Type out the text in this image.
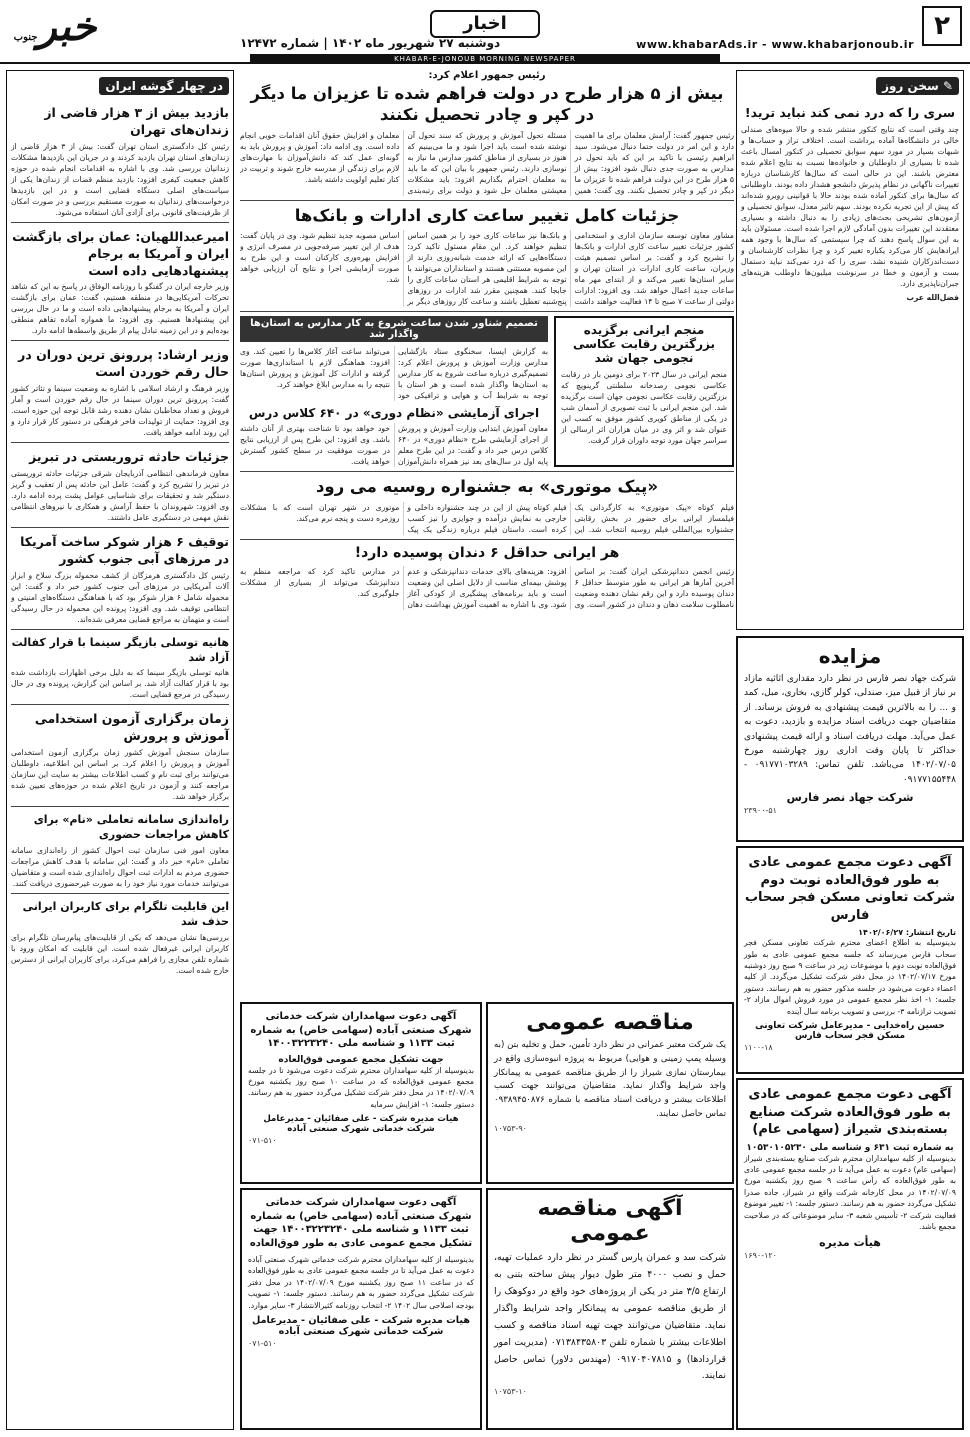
۲
www.khabarAds.ir - www.khabarjonoub.ir
اخبار
دوشنبه ۲۷ شهریور ماه ۱۴۰۲ | شماره ۱۲۴۷۲
خبرجنوب
KHABAR-E-JONOUB MORNING NEWSPAPER
در چهار گوشه ایران
بازدید بیش از ۳ هزار قاضی از زندان‌های تهران

رئیس کل دادگستری استان تهران گفت: بیش از ۳ هزار قاضی از زندان‌های استان تهران بازدید کردند و در جریان این بازدیدها مشکلات زندانیان بررسی شد. وی با اشاره به اقدامات انجام شده در حوزه کاهش جمعیت کیفری افزود: بازدید منظم قضات از زندان‌ها یکی از سیاست‌های اصلی دستگاه قضایی است و در این بازدیدها درخواست‌های زندانیان به صورت مستقیم بررسی و در صورت امکان از ظرفیت‌های قانونی برای آزادی آنان استفاده می‌شود.

امیرعبداللهیان: عمان برای بازگشت ایران و آمریکا به برجام پیشنهادهایی داده است

وزیر خارجه ایران در گفتگو با روزنامه الوفاق در پاسخ به این که شاهد تحرکات آمریکایی‌ها در منطقه هستیم، گفت: عمان برای بازگشت ایران و آمریکا به برجام پیشنهادهایی داده است و ما در حال بررسی این پیشنهادها هستیم. وی افزود: ما همواره آماده تفاهم منطقی بوده‌ایم و در این زمینه تبادل پیام از طریق واسطه‌ها ادامه دارد.

وزیر ارشاد: پررونق ترین دوران در حال رقم خوردن است

وزیر فرهنگ و ارشاد اسلامی با اشاره به وضعیت سینما و تئاتر کشور گفت: پررونق ترین دوران سینما در حال رقم خوردن است و آمار فروش و تعداد مخاطبان نشان دهنده رشد قابل توجه این حوزه است. وی افزود: حمایت از تولیدات فاخر فرهنگی در دستور کار قرار دارد و این روند ادامه خواهد یافت.

جزئیات حادثه تروریستی در تبریز

معاون فرماندهی انتظامی آذربایجان شرقی جزئیات حادثه تروریستی در تبریز را تشریح کرد و گفت: عامل این حادثه پس از تعقیب و گریز دستگیر شد و تحقیقات برای شناسایی عوامل پشت پرده ادامه دارد. وی افزود: شهروندان با حفظ آرامش و همکاری با نیروهای انتظامی نقش مهمی در دستگیری عامل داشتند.

توقیف ۶ هزار شوکر ساخت آمریکا در مرزهای آبی جنوب کشور

رئیس کل دادگستری هرمزگان از کشف محموله بزرگ سلاح و ابزار آلات آمریکایی در مرزهای آبی جنوب کشور خبر داد و گفت: این محموله شامل ۶ هزار شوکر بود که با هماهنگی دستگاه‌های امنیتی و انتظامی توقیف شد. وی افزود: پرونده این محموله در حال رسیدگی است و متهمان به مراجع قضایی معرفی شده‌اند.

هانیه توسلی بازیگر سینما با قرار کفالت آزاد شد

هانیه توسلی بازیگر سینما که به دلیل برخی اظهارات بازداشت شده بود با قرار کفالت آزاد شد. بر اساس این گزارش، پرونده وی در حال رسیدگی در مرجع قضایی است.

زمان برگزاری آزمون استخدامی آموزش و پرورش

سازمان سنجش آموزش کشور زمان برگزاری آزمون استخدامی آموزش و پرورش را اعلام کرد. بر اساس این اطلاعیه، داوطلبان می‌توانند برای ثبت نام و کسب اطلاعات بیشتر به سایت این سازمان مراجعه کنند و آزمون در تاریخ اعلام شده در حوزه‌های تعیین شده برگزار خواهد شد.

راه‌اندازی سامانه تعاملی «نام» برای کاهش مراجعات حضوری

معاون امور فنی سازمان ثبت احوال کشور از راه‌اندازی سامانه تعاملی «نام» خبر داد و گفت: این سامانه با هدف کاهش مراجعات حضوری مردم به ادارات ثبت احوال راه‌اندازی شده است و متقاضیان می‌توانند خدمات مورد نیاز خود را به صورت غیرحضوری دریافت کنند.

این قابلیت تلگرام برای کاربران ایرانی حذف شد

بررسی‌ها نشان می‌دهد که یکی از قابلیت‌های پیام‌رسان تلگرام برای کاربران ایرانی غیرفعال شده است. این قابلیت که امکان ورود با شماره تلفن مجازی را فراهم می‌کرد، برای کاربران ایرانی از دسترس خارج شده است.

رئیس جمهور اعلام کرد:
بیش از ۵ هزار طرح در دولت فراهم شده تا عزیزان ما دیگر در کپر و چادر تحصیل نکنند

رئیس جمهور گفت: آرامش معلمان برای ما اهمیت دارد و این امر در دولت حتما دنبال می‌شود. سید ابراهیم رئیسی با تاکید بر این که باید تحول در مدارس به صورت جدی دنبال شود افزود: بیش از ۵ هزار طرح در این دولت فراهم شده تا عزیزان ما دیگر در کپر و چادر تحصیل نکنند. وی گفت: همین مسئله تحول آموزش و پرورش که سند تحول آن نوشته شده است باید اجرا شود و ما می‌بینیم که هنوز در بسیاری از مناطق کشور مدارس ما نیاز به نوسازی دارند. رئیس جمهور با بیان این که ما باید به معلمان احترام بگذاریم افزود: باید مشکلات معیشتی معلمان حل شود و دولت برای رتبه‌بندی معلمان و افزایش حقوق آنان اقدامات خوبی انجام داده است. وی ادامه داد: آموزش و پرورش باید به گونه‌ای عمل کند که دانش‌آموزان با مهارت‌های لازم برای زندگی از مدرسه خارج شوند و تربیت در کنار تعلیم اولویت داشته باشد.

جزئیات کامل تغییر ساعت کاری ادارات و بانک‌ها

مشاور معاون توسعه سازمان اداری و استخدامی کشور جزئیات تغییر ساعت کاری ادارات و بانک‌ها را تشریح کرد و گفت: بر اساس تصمیم هیئت وزیران، ساعت کاری ادارات در استان تهران و سایر استان‌ها تغییر می‌کند و از ابتدای مهر ماه ساعات جدید اعمال خواهد شد. وی افزود: ادارات دولتی از ساعت ۷ صبح تا ۱۴ فعالیت خواهند داشت و بانک‌ها نیز ساعات کاری خود را بر همین اساس تنظیم خواهند کرد. این مقام مسئول تاکید کرد: دستگاه‌هایی که ارائه خدمت شبانه‌روزی دارند از این مصوبه مستثنی هستند و استانداران می‌توانند با توجه به شرایط اقلیمی هر استان ساعات کاری را جابجا کنند. همچنین مقرر شد ادارات در روزهای پنج‌شنبه تعطیل باشند و ساعت کار روزهای دیگر بر اساس مصوبه جدید تنظیم شود. وی در پایان گفت: هدف از این تغییر صرفه‌جویی در مصرف انرژی و افزایش بهره‌وری کارکنان است و این طرح به صورت آزمایشی اجرا و نتایج آن ارزیابی خواهد شد.

منجم ایرانی برگزیده بزرگترین رقابت عکاسی نجومی جهان شد

منجم ایرانی در سال ۲۰۲۳ برای دومین بار در رقابت عکاسی نجومی رصدخانه سلطنتی گرینویچ که بزرگترین رقابت عکاسی نجومی جهان است برگزیده شد. این منجم ایرانی با ثبت تصویری از آسمان شب در یکی از مناطق کویری کشور موفق به کسب این عنوان شد و اثر وی در میان هزاران اثر ارسالی از سراسر جهان مورد توجه داوران قرار گرفت.

تصمیم شناور شدن ساعت شروع به کار مدارس به استان‌ها واگذار شد

به گزارش ایسنا، سخنگوی ستاد بازگشایی مدارس وزارت آموزش و پرورش اعلام کرد: تصمیم‌گیری درباره ساعت شروع به کار مدارس به استان‌ها واگذار شده است و هر استان با توجه به شرایط آب و هوایی و ترافیکی خود می‌تواند ساعت آغاز کلاس‌ها را تعیین کند. وی افزود: هماهنگی لازم با استانداری‌ها صورت گرفته و ادارات کل آموزش و پرورش استان‌ها نتیجه را به مدارس ابلاغ خواهند کرد.

اجرای آزمایشی «نظام دوری» در ۶۴۰ کلاس درس

معاون آموزش ابتدایی وزارت آموزش و پرورش از اجرای آزمایشی طرح «نظام دوری» در ۶۴۰ کلاس درس خبر داد و گفت: در این طرح معلم پایه اول در سال‌های بعد نیز همراه دانش‌آموزان خود خواهد بود تا شناخت بهتری از آنان داشته باشد. وی افزود: این طرح پس از ارزیابی نتایج در صورت موفقیت در سطح کشور گسترش خواهد یافت.

«پیک موتوری» به جشنواره روسیه می رود

فیلم کوتاه «پیک موتوری» به کارگردانی یک فیلمساز ایرانی برای حضور در بخش رقابتی جشنواره بین‌المللی فیلم روسیه انتخاب شد. این فیلم کوتاه پیش از این در چند جشنواره داخلی و خارجی به نمایش درآمده و جوایزی را نیز کسب کرده است. داستان فیلم درباره زندگی یک پیک موتوری در شهر تهران است که با مشکلات روزمره دست و پنجه نرم می‌کند.

هر ایرانی حداقل ۶ دندان پوسیده دارد!

رئیس انجمن دندانپزشکی ایران گفت: بر اساس آخرین آمارها هر ایرانی به طور متوسط حداقل ۶ دندان پوسیده دارد و این رقم نشان دهنده وضعیت نامطلوب سلامت دهان و دندان در کشور است. وی افزود: هزینه‌های بالای خدمات دندانپزشکی و عدم پوشش بیمه‌ای مناسب از دلایل اصلی این وضعیت است و باید برنامه‌های پیشگیری از کودکی آغاز شود. وی با اشاره به اهمیت آموزش بهداشت دهان در مدارس تاکید کرد که مراجعه منظم به دندانپزشک می‌تواند از بسیاری از مشکلات جلوگیری کند.

✎ سخن روز
سری را که درد نمی کند نباید ترید!

چند وقتی است که نتایج کنکور منتشر شده و حالا میوه‌های صندلی خالی در دانشگاه‌ها آماده برداشت است. اختلاف تراز و حساب‌ها و شبهات بسیار در مورد سهم سوابق تحصیلی در کنکور امسال باعث شده تا بسیاری از داوطلبان و خانواده‌ها نسبت به نتایج اعلام شده معترض باشند. این در حالی است که سال‌ها کارشناسان درباره تغییرات ناگهانی در نظام پذیرش دانشجو هشدار داده بودند. داوطلبانی که سال‌ها برای کنکور آماده شده بودند حالا با قوانینی روبرو شده‌اند که پیش از این تجربه نکرده بودند. سهم تاثیر معدل، سوابق تحصیلی و آزمون‌های تشریحی بحث‌های زیادی را به دنبال داشته و بسیاری معتقدند این تغییرات بدون آمادگی لازم اجرا شده است. مسئولان باید به این سوال پاسخ دهند که چرا سیستمی که سال‌ها با وجود همه ایرادهایش کار می‌کرد یکباره تغییر کرد و چرا نظرات کارشناسان و دست‌اندرکاران شنیده نشد. سری را که درد نمی‌کند نباید دستمال بست و آزمون و خطا در سرنوشت میلیون‌ها داوطلب هزینه‌های جبران‌ناپذیری دارد.

فضل‌الله عرب

مزایده

شرکت جهاد نصر فارس در نظر دارد مقداری اثاثیه مازاد بر نیاز از قبیل میز، صندلی، کولر گازی، بخاری، مبل، کمد و ... را به بالاترین قیمت پیشنهادی به فروش برساند. از متقاضیان جهت دریافت اسناد مزایده و بازدید، دعوت به عمل می‌آید. مهلت دریافت اسناد و ارائه قیمت پیشنهادی حداکثر تا پایان وقت اداری روز چهارشنبه مورخ ۱۴۰۲/۰۷/۰۵ می‌باشد. تلفن تماس: ۰۹۱۷۷۱۰۳۲۸۹ - ۰۹۱۷۷۱۵۵۴۴۸

شرکت جهاد نصر فارس
۲۳۹۰۰-۵۱
آگهی دعوت مجمع عمومی عادی به طور فوق‌العاده نوبت دوم شرکت تعاونی مسکن فجر سحاب فارس
تاریخ انتشار: ۱۴۰۲/۰۶/۲۷

بدینوسیله به اطلاع اعضای محترم شرکت تعاونی مسکن فجر سحاب فارس می‌رساند که جلسه مجمع عمومی عادی به طور فوق‌العاده نوبت دوم با موضوعات زیر در ساعت ۹ صبح روز دوشنبه مورخ ۱۴۰۲/۰۷/۱۷ در محل دفتر شرکت تشکیل می‌گردد. از کلیه اعضاء دعوت می‌شود در جلسه مذکور حضور به هم رسانند. دستور جلسه: ۱- اخذ نظر مجمع عمومی در مورد فروش اموال مازاد ۲- تصویب ترازنامه ۳- بررسی و تصویب برنامه سال آینده

حسین راه‌خدایی - مدیرعامل شرکت تعاونی مسکن فجر سحاب فارس
۱۱۰۰-۱۸
آگهی دعوت مجمع عمومی عادی به طور فوق‌العاده شرکت صنایع بسته‌بندی شیراز (سهامی عام)
به شماره ثبت ۶۳۱ و شناسه ملی ۱۰۵۳۰۱۰۵۲۳۰

بدینوسیله از کلیه سهامداران محترم شرکت صنایع بسته‌بندی شیراز (سهامی عام) دعوت به عمل می‌آید تا در جلسه مجمع عمومی عادی به طور فوق‌العاده که رأس ساعت ۹ صبح روز یکشنبه مورخ ۱۴۰۲/۰۷/۰۹ در محل کارخانه شرکت واقع در شیراز، جاده صدرا تشکیل می‌گردد حضور به هم رسانند. دستور جلسه: ۱- تغییر موضوع فعالیت شرکت ۲- تأسیس شعبه ۳- سایر موضوعاتی که در صلاحیت مجمع باشد.

هیأت مدیره
۱۶۹۰-۱۲۰
مناقصه عمومی

یک شرکت معتبر عمرانی در نظر دارد تأمین، حمل و تخلیه بتن (به وسیله پمپ زمینی و هوایی) مربوط به پروژه انبوه‌سازی واقع در بیمارستان نمازی شیراز را از طریق مناقصه عمومی به پیمانکار واجد شرایط واگذار نماید. متقاضیان می‌توانند جهت کسب اطلاعات بیشتر و دریافت اسناد مناقصه با شماره ۰۹۳۸۹۴۵۰۸۷۶ تماس حاصل نمایند.

۱۰۷۵۳-۹۰
آگهی دعوت سهامداران شرکت خدماتی شهرک صنعتی آباده (سهامی خاص) به شماره ثبت ۱۱۳۳ و شناسه ملی ۱۴۰۰۳۲۲۳۲۴۰
جهت تشکیل مجمع عمومی فوق‌العاده

بدینوسیله از کلیه سهامداران محترم شرکت دعوت می‌شود تا در جلسه مجمع عمومی فوق‌العاده که در ساعت ۱۰ صبح روز یکشنبه مورخ ۱۴۰۲/۰۷/۰۹ در محل دفتر شرکت تشکیل می‌گردد حضور به هم رسانند. دستور جلسه: ۱- افزایش سرمایه

هیات مدیره شرکت - علی صفائیان - مدیرعامل شرکت خدماتی شهرک صنعتی آباده
۰۷۱-۵۱۰
آگهی مناقصه عمومی

شرکت سد و عمران پارس گستر در نظر دارد عملیات تهیه، حمل و نصب ۴۰۰۰ متر طول دیوار پیش ساخته بتنی به ارتفاع ۳/۵ متر در یکی از پروژه‌های خود واقع در دوکوهک را از طریق مناقصه عمومی به پیمانکار واجد شرایط واگذار نماید. متقاضیان می‌توانند جهت تهیه اسناد مناقصه و کسب اطلاعات بیشتر با شماره تلفن ۰۷۱۳۸۴۳۵۸۰۳ (مدیریت امور قراردادها) و ۰۹۱۷۰۴۰۷۸۱۵ (مهندس دلاور) تماس حاصل نمایند.

۱۰۷۵۳-۱۰
آگهی دعوت سهامداران شرکت خدماتی شهرک صنعتی آباده (سهامی خاص) به شماره ثبت ۱۱۳۳ و شناسه ملی ۱۴۰۰۳۲۲۳۲۴۰ جهت تشکیل مجمع عمومی عادی به طور فوق‌العاده

بدینوسیله از کلیه سهامداران محترم شرکت خدماتی شهرک صنعتی آباده دعوت به عمل می‌آید تا در جلسه مجمع عمومی عادی به طور فوق‌العاده که در ساعت ۱۱ صبح روز یکشنبه مورخ ۱۴۰۲/۰۷/۰۹ در محل دفتر شرکت تشکیل می‌گردد حضور به هم رسانند. دستور جلسه: ۱- تصویب بودجه اصلاحی سال ۱۴۰۲ ۲- انتخاب روزنامه کثیرالانتشار ۳- سایر موارد.

هیات مدیره شرکت - علی صفائیان - مدیرعامل شرکت خدماتی شهرک صنعتی آباده
۰۷۱-۵۱۰
